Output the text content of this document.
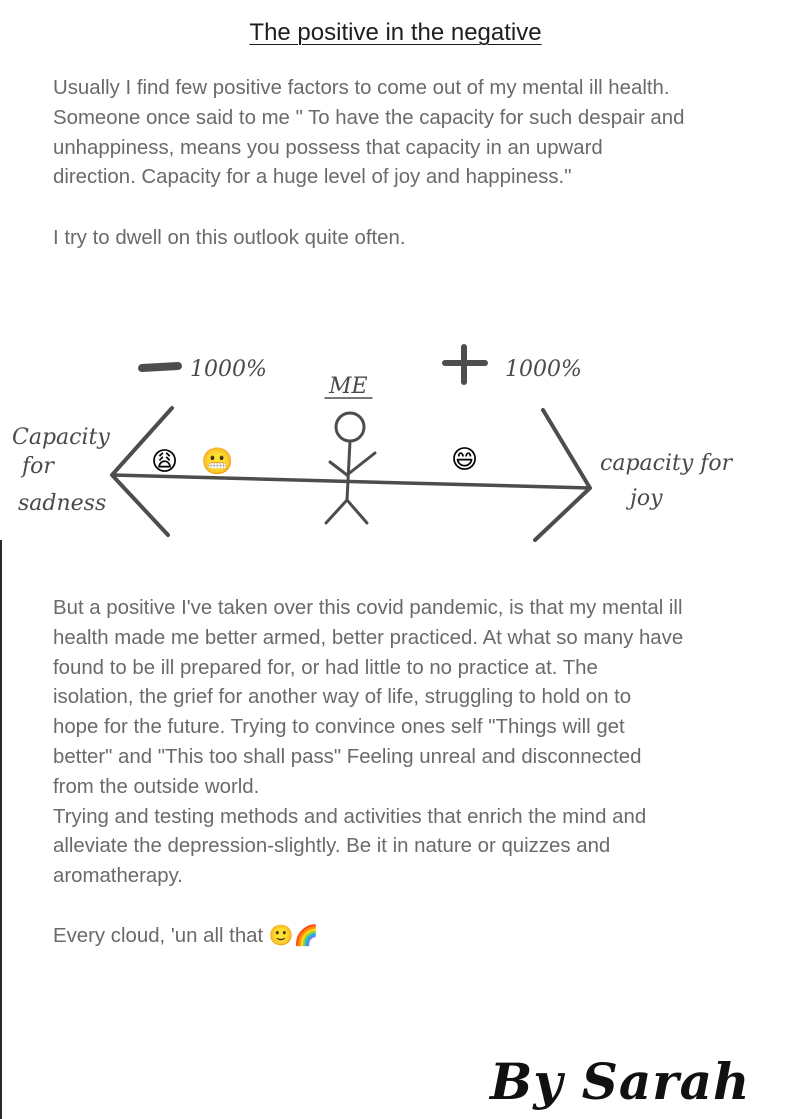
The positive in the negative

Usually I find few positive factors to come out of my mental ill health.

Someone once said to me " To have the capacity for such despair and

unhappiness, means you possess that capacity in an upward

direction. Capacity for a huge level of joy and happiness."

I try to dwell on this outlook quite often.

1000%	1000%
ME
Capacity
for
sadness
capacity for
joy
😩 😬	😄

But a positive I've taken over this covid pandemic, is that my mental ill

health made me better armed, better practiced. At what so many have

found to be ill prepared for, or had little to no practice at. The

isolation, the grief for another way of life, struggling to hold on to

hope for the future. Trying to convince ones self "Things will get

better" and "This too shall pass" Feeling unreal and disconnected

from the outside world.

Trying and testing methods and activities that enrich the mind and

alleviate the depression-slightly. Be it in nature or quizzes and

aromatherapy.

Every cloud, 'un all that 🙂🌈
By Sarah
